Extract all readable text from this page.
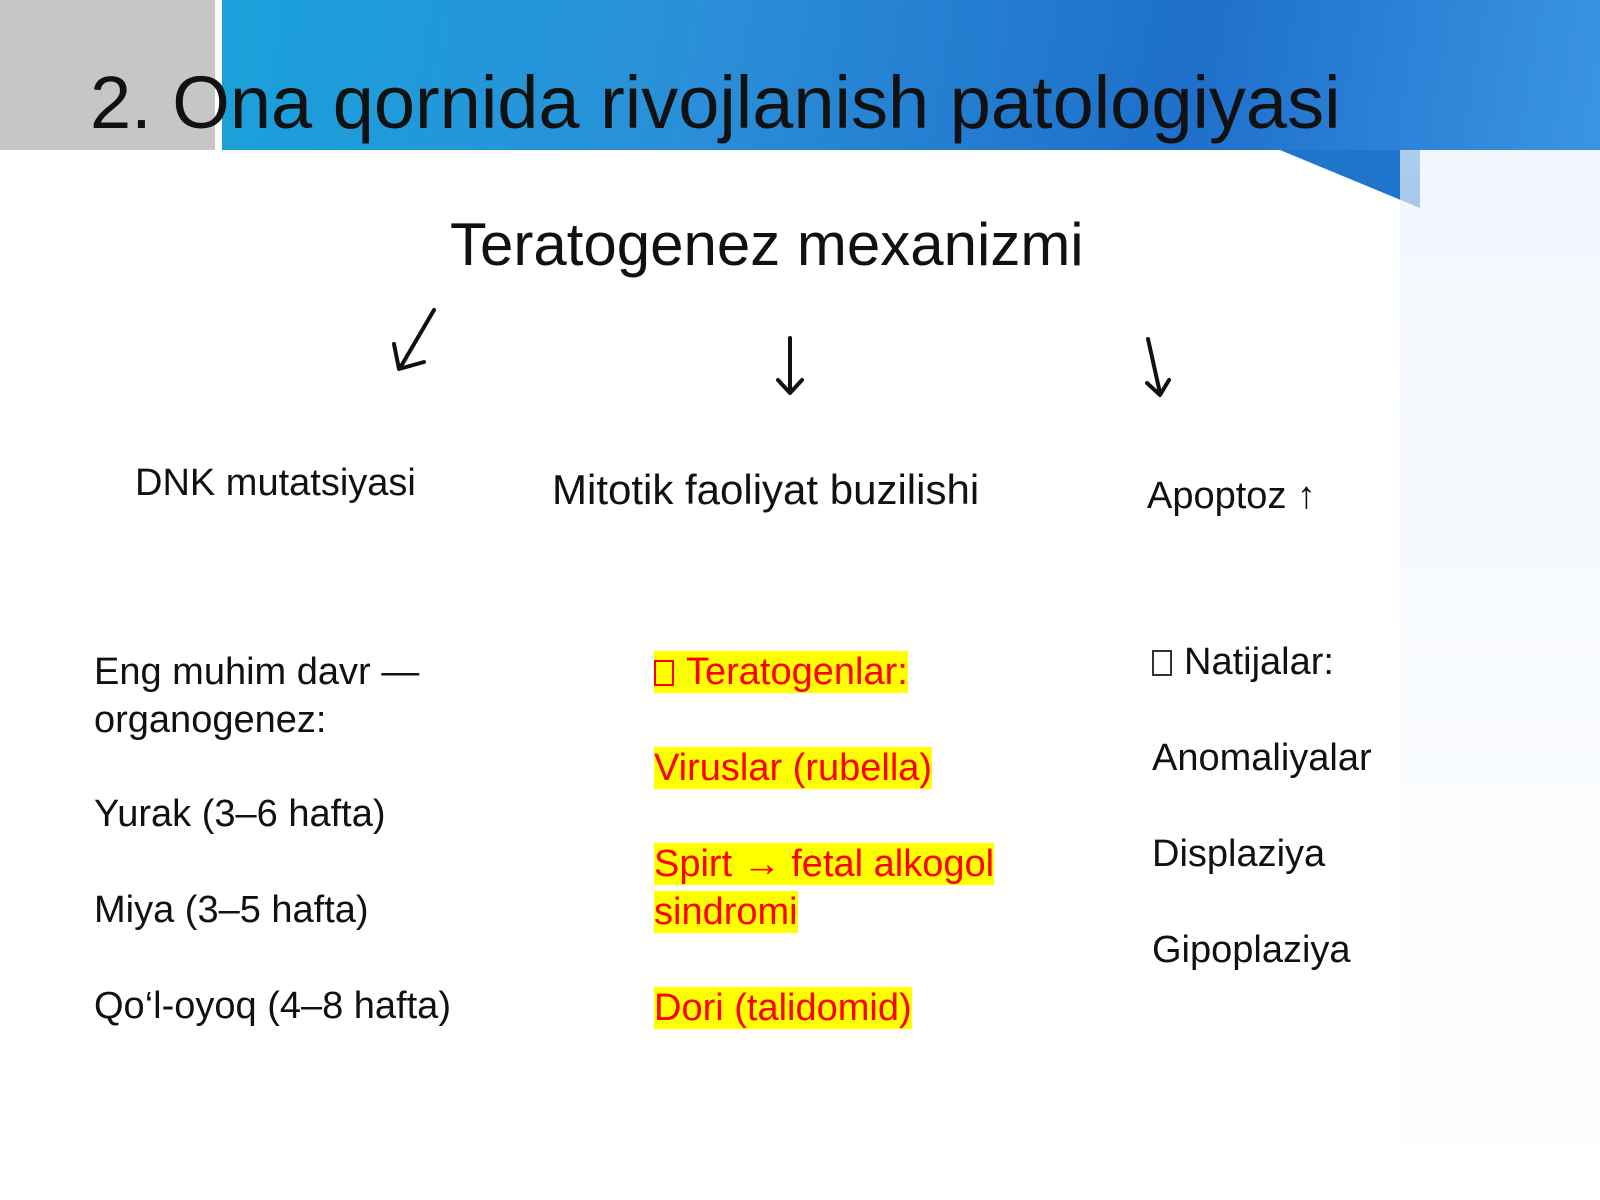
2. Ona qornida rivojlanish patologiyasi
Teratogenez mexanizmi

DNK mutatsiyasi	Mitotik faoliyat buzilishi	Apoptoz ↑

Eng muhim davr — organogenez:

Yurak (3–6 hafta)

Miya (3–5 hafta)

Qo‘l-oyoq (4–8 hafta)

Teratogenlar:

Viruslar (rubella)

Spirt → fetal alkogol sindromi

Dori (talidomid)

Natijalar:

Anomaliyalar

Displaziya

Gipoplaziya
